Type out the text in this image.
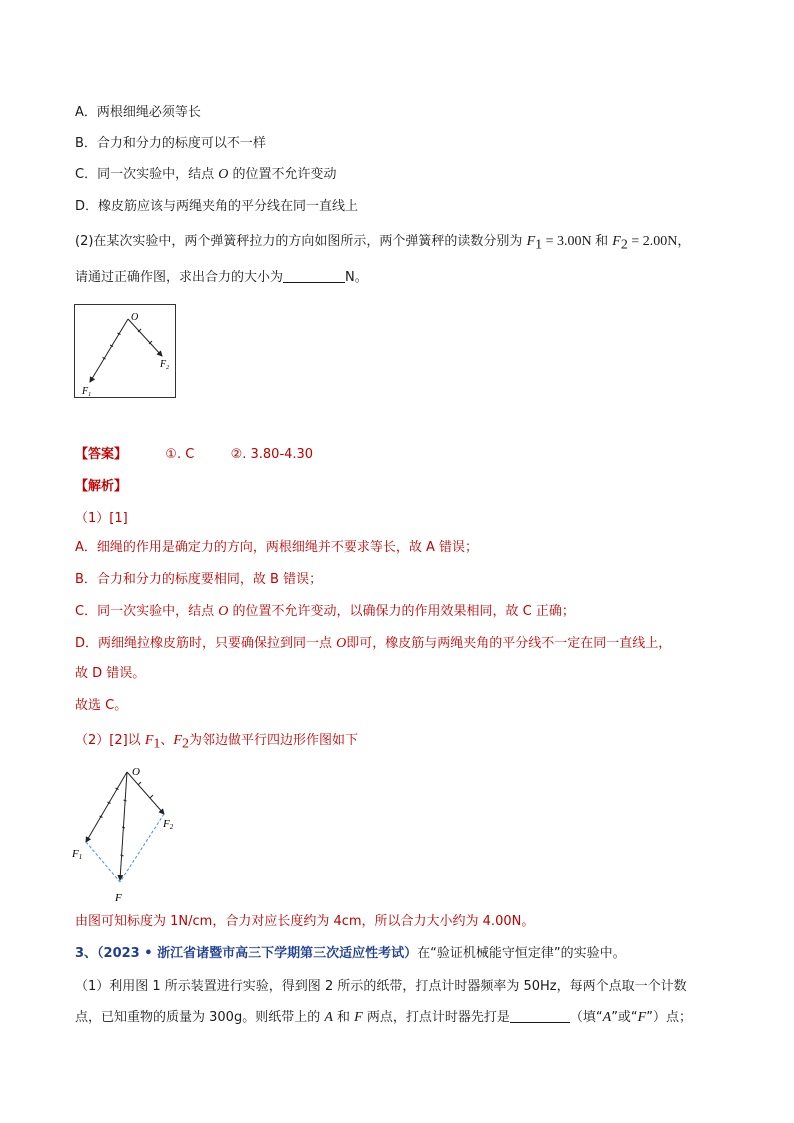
A．两根细绳必须等长
B．合力和分力的标度可以不一样
C．同一次实验中，结点 O 的位置不允许变动
D．橡皮筋应该与两绳夹角的平分线在同一直线上
(2)在某次实验中，两个弹簧秤拉力的方向如图所示，两个弹簧秤的读数分别为 $F_1 = 3.00N$ 和 $F_2 = 2.00N$，
请通过正确作图，求出合力的大小为	N。
O
$F_1$
$F_2$
【答案】	①. C	②. 3.80-4.30
【解析】
（1）[1]
A．细绳的作用是确定力的方向，两根细绳并不要求等长，故 A 错误；
B．合力和分力的标度要相同，故 B 错误；
C．同一次实验中，结点 O 的位置不允许变动，以确保力的作用效果相同，故 C 正确；
D．两细绳拉橡皮筋时，只要确保拉到同一点 O即可，橡皮筋与两绳夹角的平分线不一定在同一直线上，
故 D 错误。
故选 C。
（2）[2]以 $F_1$、$F_2$为邻边做平行四边形作图如下
O
F1
F2
F
由图可知标度为 1N/cm，合力对应长度约为 4cm，所以合力大小约为 4.00N。
3、（2023 • 浙江省诸暨市高三下学期第三次适应性考试）在“验证机械能守恒定律”的实验中。
（1）利用图 1 所示装置进行实验，得到图 2 所示的纸带，打点计时器频率为 50Hz，每两个点取一个计数
点，已知重物的质量为 300g。则纸带上的 A 和 F 两点，打点计时器先打是	（填“A”或“F”）点；
